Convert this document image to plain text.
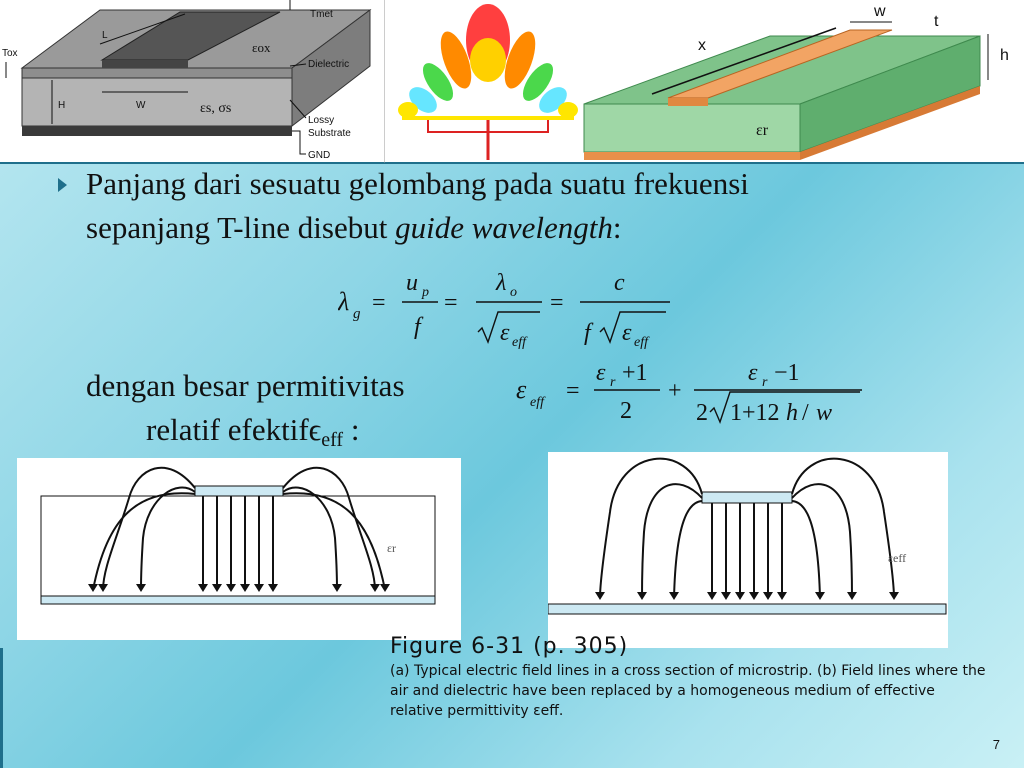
L
Tmet
Tox	εox
Dielectric
H	W	εs, σs
Lossy
Substrate
GND
x
w
t
h
εr
Panjang dari sesuatu gelombang pada suatu frekuensi
sepanjang T-line disebut guide wavelength:
λ g =
u p
f
=
λ o
ε eff
=
c
f ε eff
dengan besar permitivitas
relatif efektifϵ$_{eff}$ :
ε eff =
ε r +1
2
+
ε r −1
2 1+12 h / w
εr
εeff

Figure 6-31 (p. 305)

(a) Typical electric field lines in a cross section of microstrip. (b) Field lines where the air and dielectric have been replaced by a homogeneous medium of effective relative permittivity εeff.

7
